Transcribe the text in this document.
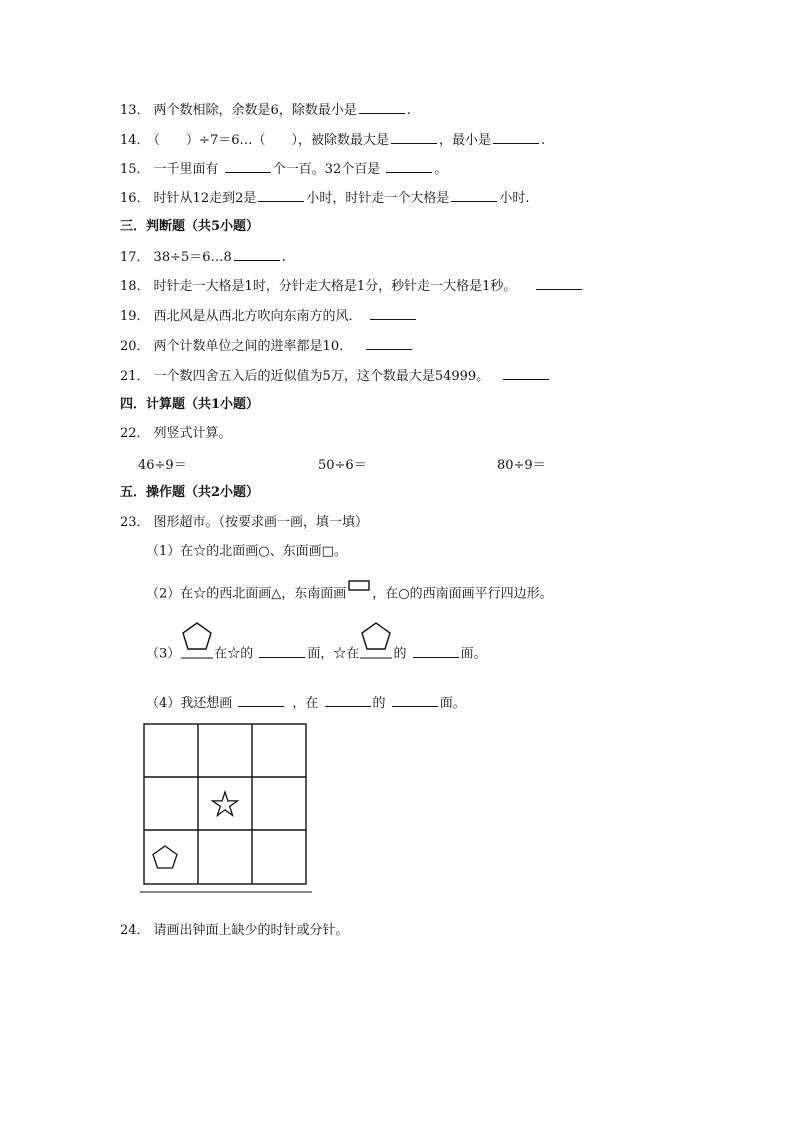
13． 两个数相除，余数是6，除数最小是	.
14． （　　）÷7＝6…（　　），被除数最大是	，最小是	.
15． 一千里面有	个一百。32个百是	。
16． 时针从12走到2是	小时，时针走一个大格是	小时.
三．判断题（共5小题）
17． 38÷5＝6…8	.
18． 时针走一大格是1时，分针走大格是1分，秒针走一大格是1秒。
19． 西北风是从西北方吹向东南方的风．
20． 两个计数单位之间的进率都是10．
21． 一个数四舍五入后的近似值为5万，这个数最大是54999。
四．计算题（共1小题）
22． 列竖式计算。
46÷9＝	50÷6＝	80÷9＝
五．操作题（共2小题）
23． 图形超市。（按要求画一画，填一填）
（1）在☆的北面画○、东面画□。
（2）在☆的西北面画△，东南面画 ，在○的西南面画平行四边形。
（3）	在☆的	面，☆在	的	面。
（4）我还想画	，在	的	面。
24． 请画出钟面上缺少的时针或分针。
